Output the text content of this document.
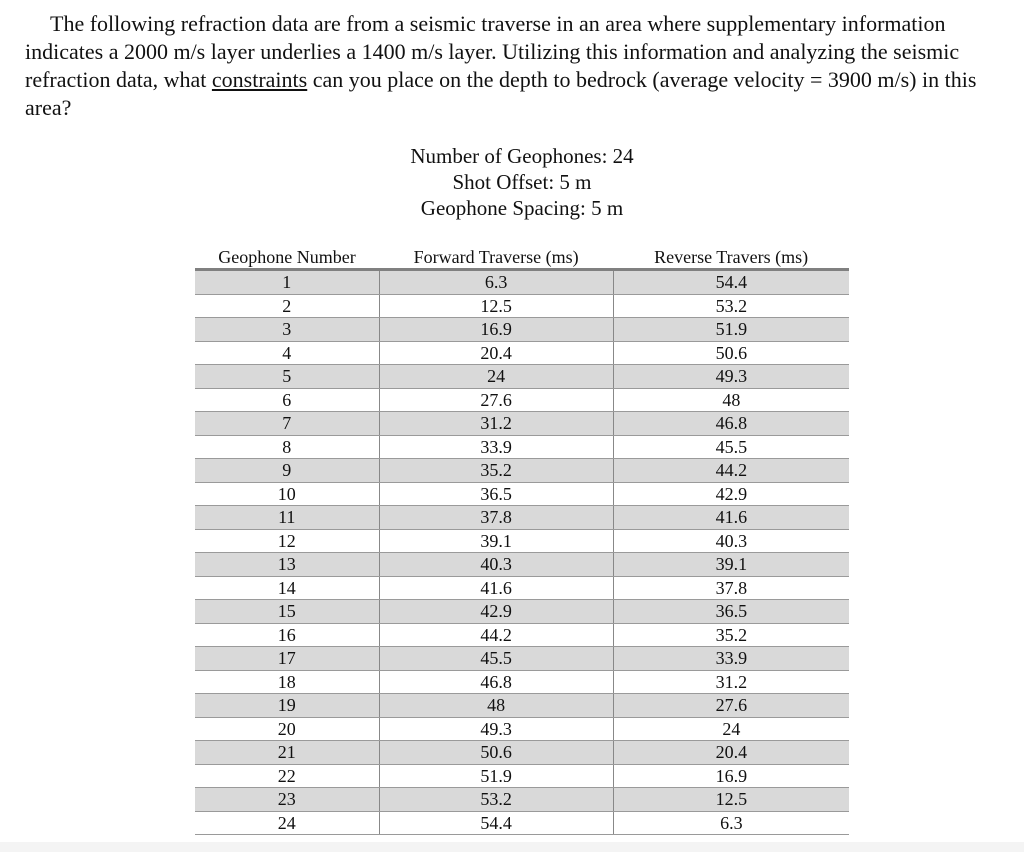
The following refraction data are from a seismic traverse in an area where supplementary information indicates a 2000 m/s layer underlies a 1400 m/s layer. Utilizing this information and analyzing the seismic refraction data, what constraints can you place on the depth to bedrock (average velocity = 3900 m/s) in this area?

Number of Geophones: 24
Shot Offset: 5 m
Geophone Spacing: 5 m
Geophone Number	Forward Traverse (ms)	Reverse Travers (ms)
1	6.3	54.4
2	12.5	53.2
3	16.9	51.9
4	20.4	50.6
5	24	49.3
6	27.6	48
7	31.2	46.8
8	33.9	45.5
9	35.2	44.2
10	36.5	42.9
11	37.8	41.6
12	39.1	40.3
13	40.3	39.1
14	41.6	37.8
15	42.9	36.5
16	44.2	35.2
17	45.5	33.9
18	46.8	31.2
19	48	27.6
20	49.3	24
21	50.6	20.4
22	51.9	16.9
23	53.2	12.5
24	54.4	6.3
